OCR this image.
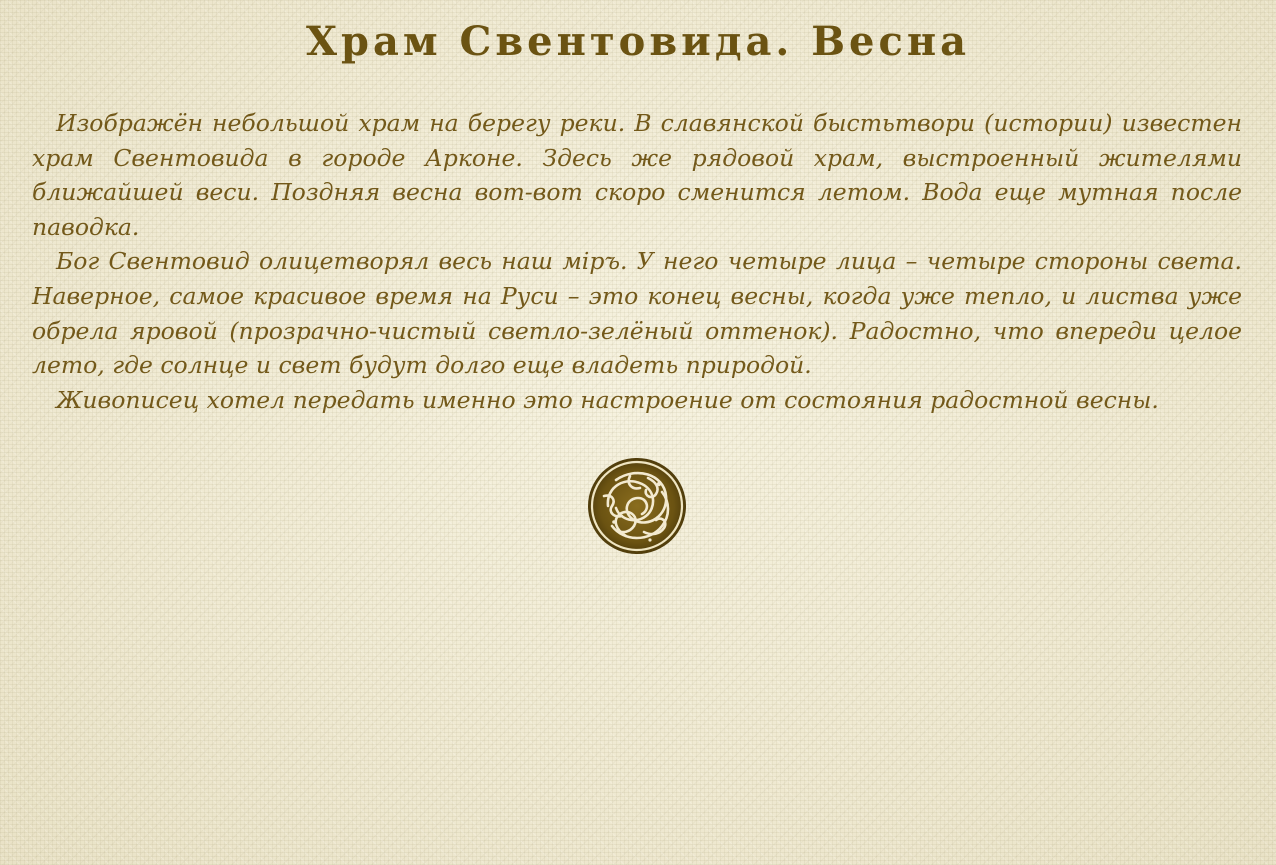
Храм Свентовида. Весна

Изображён небольшой храм на берегу реки. В славянской быстьтвори (истории) известен храм Свентовида в городе Арконе. Здесь же рядовой храм, выстроенный жителями ближайшей веси. Поздняя весна вот-вот скоро сменится летом. Вода еще мутная после паводка.

Бог Свентовид олицетворял весь наш міръ. У него четыре лица – четыре стороны света. Наверное, самое красивое время на Руси – это конец весны, когда уже тепло, и листва уже обрела яровой (прозрачно-чистый светло-зелёный оттенок). Радостно, что впереди целое лето, где солнце и свет будут долго еще владеть природой.

Живописец хотел передать именно это настроение от состояния радостной весны.
